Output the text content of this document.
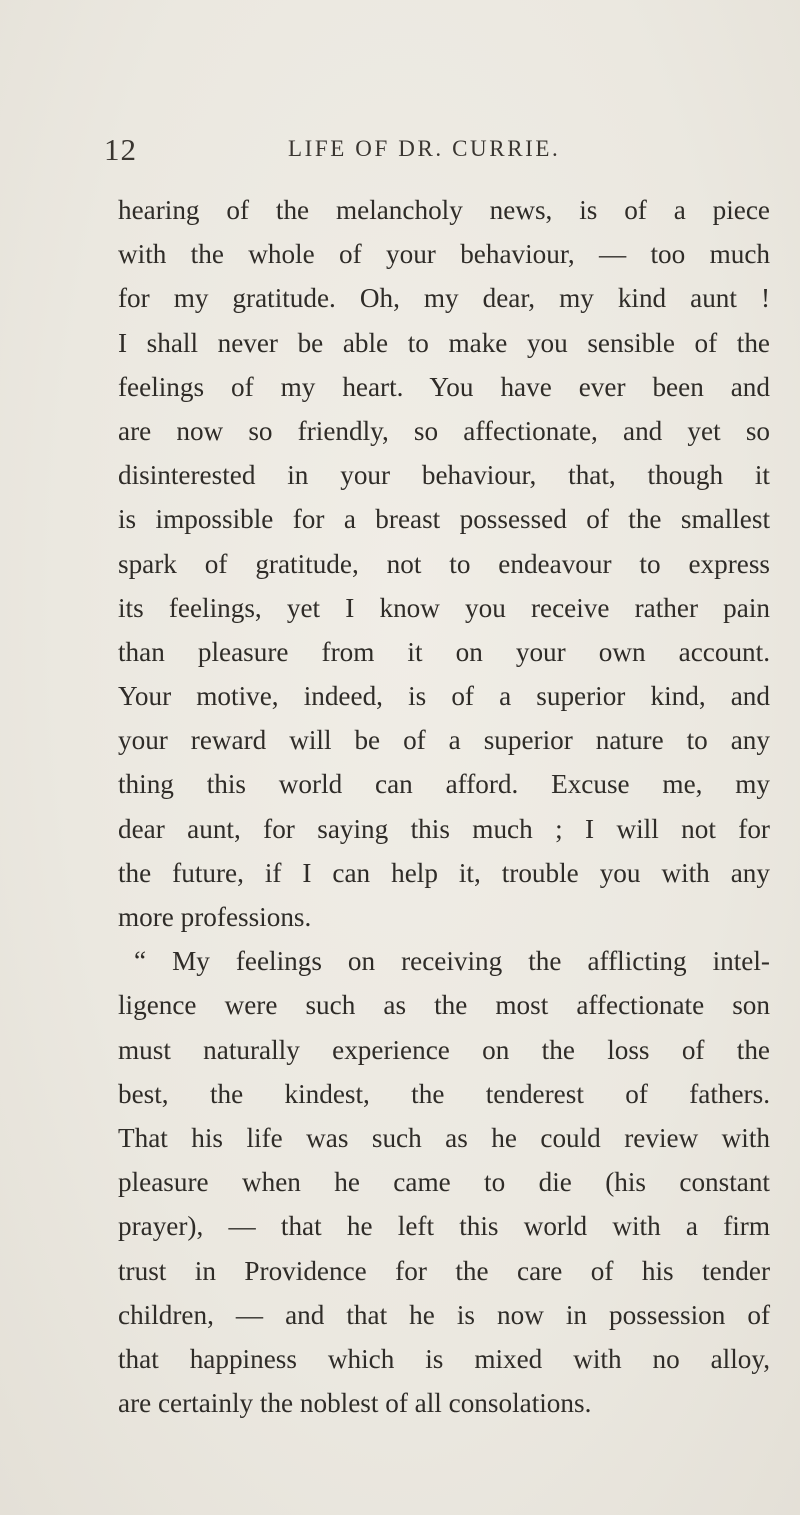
12	LIFE OF DR. CURRIE.
hearing of the melancholy news, is of a piece
with the whole of your behaviour, — too much
for my gratitude. Oh, my dear, my kind aunt !
I shall never be able to make you sensible of the
feelings of my heart. You have ever been and
are now so friendly, so affectionate, and yet so
disinterested in your behaviour, that, though it
is impossible for a breast possessed of the smallest
spark of gratitude, not to endeavour to express
its feelings, yet I know you receive rather pain
than pleasure from it on your own account.
Your motive, indeed, is of a superior kind, and
your reward will be of a superior nature to any
thing this world can afford. Excuse me, my
dear aunt, for saying this much ; I will not for
the future, if I can help it, trouble you with any
more professions.
“ My feelings on receiving the afflicting intel-
ligence were such as the most affectionate son
must naturally experience on the loss of the
best, the kindest, the tenderest of fathers.
That his life was such as he could review with
pleasure when he came to die (his constant
prayer), — that he left this world with a firm
trust in Providence for the care of his tender
children, — and that he is now in possession of
that happiness which is mixed with no alloy,
are certainly the noblest of all consolations.
